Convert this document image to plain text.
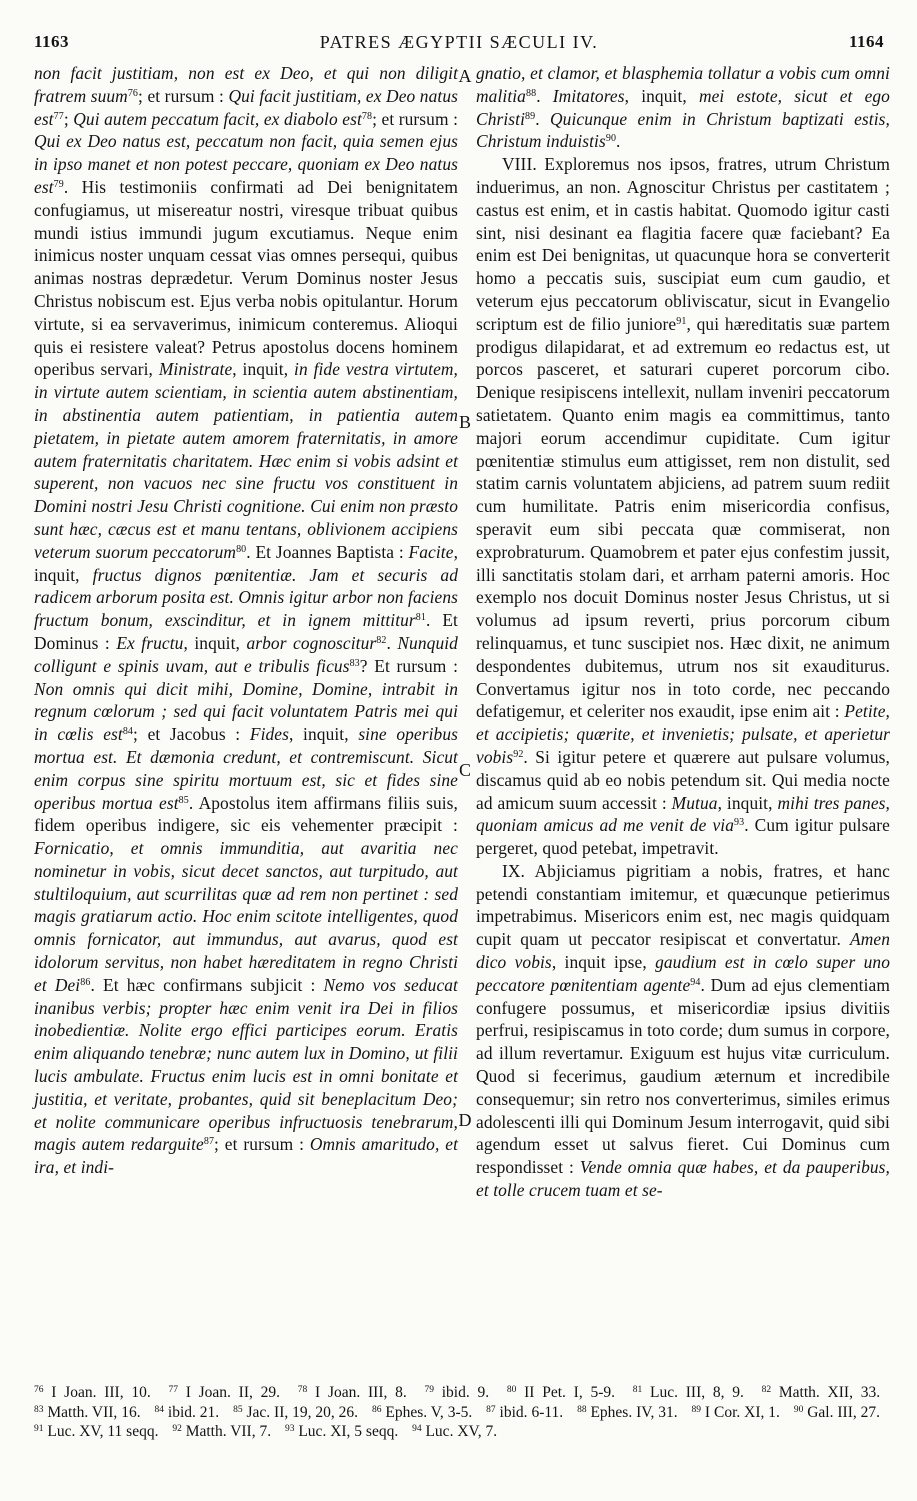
1163	PATRES ÆGYPTII SÆCULI IV.	1164

non facit justitiam, non est ex Deo, et qui non diligit fratrem suum$^{76}$; et rursum : Qui facit justitiam, ex Deo natus est$^{77}$; Qui autem peccatum facit, ex diabolo est$^{78}$; et rursum : Qui ex Deo natus est, peccatum non facit, quia semen ejus in ipso manet et non potest peccare, quoniam ex Deo natus est$^{79}$. His testimoniis confirmati ad Dei benignitatem confugiamus, ut misereatur nostri, viresque tribuat quibus mundi istius immundi jugum excutiamus. Neque enim inimicus noster unquam cessat vias omnes persequi, quibus animas nostras deprædetur. Verum Dominus noster Jesus Christus nobiscum est. Ejus verba nobis opitulantur. Horum virtute, si ea servaverimus, inimicum conteremus. Alioqui quis ei resistere valeat? Petrus apostolus docens hominem operibus servari, Ministrate, inquit, in fide vestra virtutem, in virtute autem scientiam, in scientia autem abstinentiam, in abstinentia autem patientiam, in patientia autem pietatem, in pietate autem amorem fraternitatis, in amore autem fraternitatis charitatem. Hæc enim si vobis adsint et superent, non vacuos nec sine fructu vos constituent in Domini nostri Jesu Christi cognitione. Cui enim non præsto sunt hæc, cæcus est et manu tentans, oblivionem accipiens veterum suorum peccatorum$^{80}$. Et Joannes Baptista : Facite, inquit, fructus dignos pœnitentiæ. Jam et securis ad radicem arborum posita est. Omnis igitur arbor non faciens fructum bonum, exscinditur, et in ignem mittitur$^{81}$. Et Dominus : Ex fructu, inquit, arbor cognoscitur$^{82}$. Nunquid colligunt e spinis uvam, aut e tribulis ficus$^{83}$? Et rursum : Non omnis qui dicit mihi, Domine, Domine, intrabit in regnum cœlorum ; sed qui facit voluntatem Patris mei qui in cœlis est$^{84}$; et Jacobus : Fides, inquit, sine operibus mortua est. Et dæmonia credunt, et contremiscunt. Sicut enim corpus sine spiritu mortuum est, sic et fides sine operibus mortua est$^{85}$. Apostolus item affirmans filiis suis, fidem operibus indigere, sic eis vehementer præcipit : Fornicatio, et omnis immunditia, aut avaritia nec nominetur in vobis, sicut decet sanctos, aut turpitudo, aut stultiloquium, aut scurrilitas quæ ad rem non pertinet : sed magis gratiarum actio. Hoc enim scitote intelligentes, quod omnis fornicator, aut immundus, aut avarus, quod est idolorum servitus, non habet hæreditatem in regno Christi et Dei$^{86}$. Et hæc confirmans subjicit : Nemo vos seducat inanibus verbis; propter hæc enim venit ira Dei in filios inobedientiæ. Nolite ergo effici participes eorum. Eratis enim aliquando tenebræ; nunc autem lux in Domino, ut filii lucis ambulate. Fructus enim lucis est in omni bonitate et justitia, et veritate, probantes, quid sit beneplacitum Deo; et nolite communicare operibus infructuosis tenebrarum, magis autem redarguite$^{87}$; et rursum : Omnis amaritudo, et ira, et indi-

gnatio, et clamor, et blasphemia tollatur a vobis cum omni malitia$^{88}$. Imitatores, inquit, mei estote, sicut et ego Christi$^{89}$. Quicunque enim in Christum baptizati estis, Christum induistis$^{90}$.

VIII. Exploremus nos ipsos, fratres, utrum Christum induerimus, an non. Agnoscitur Christus per castitatem ; castus est enim, et in castis habitat. Quomodo igitur casti sint, nisi desinant ea flagitia facere quæ faciebant? Ea enim est Dei benignitas, ut quacunque hora se converterit homo a peccatis suis, suscipiat eum cum gaudio, et veterum ejus peccatorum obliviscatur, sicut in Evangelio scriptum est de filio juniore$^{91}$, qui hæreditatis suæ partem prodigus dilapidarat, et ad extremum eo redactus est, ut porcos pasceret, et saturari cuperet porcorum cibo. Denique resipiscens intellexit, nullam inveniri peccatorum satietatem. Quanto enim magis ea committimus, tanto majori eorum accendimur cupiditate. Cum igitur pœnitentiæ stimulus eum attigisset, rem non distulit, sed statim carnis voluntatem abjiciens, ad patrem suum rediit cum humilitate. Patris enim misericordia confisus, speravit eum sibi peccata quæ commiserat, non exprobraturum. Quamobrem et pater ejus confestim jussit, illi sanctitatis stolam dari, et arrham paterni amoris. Hoc exemplo nos docuit Dominus noster Jesus Christus, ut si volumus ad ipsum reverti, prius porcorum cibum relinquamus, et tunc suscipiet nos. Hæc dixit, ne animum despondentes dubitemus, utrum nos sit exauditurus. Convertamus igitur nos in toto corde, nec peccando defatigemur, et celeriter nos exaudit, ipse enim ait : Petite, et accipietis; quærite, et invenietis; pulsate, et aperietur vobis$^{92}$. Si igitur petere et quærere aut pulsare volumus, discamus quid ab eo nobis petendum sit. Qui media nocte ad amicum suum accessit : Mutua, inquit, mihi tres panes, quoniam amicus ad me venit de via$^{93}$. Cum igitur pulsare pergeret, quod petebat, impetravit.

IX. Abjiciamus pigritiam a nobis, fratres, et hanc petendi constantiam imitemur, et quæcunque petierimus impetrabimus. Misericors enim est, nec magis quidquam cupit quam ut peccator resipiscat et convertatur. Amen dico vobis, inquit ipse, gaudium est in cœlo super uno peccatore pœnitentiam agente$^{94}$. Dum ad ejus clementiam confugere possumus, et misericordiæ ipsius divitiis perfrui, resipiscamus in toto corde; dum sumus in corpore, ad illum revertamur. Exiguum est hujus vitæ curriculum. Quod si fecerimus, gaudium æternum et incredibile consequemur; sin retro nos converterimus, similes erimus adolescenti illi qui Dominum Jesum interrogavit, quid sibi agendum esset ut salvus fieret. Cui Dominus cum respondisset : Vende omnia quæ habes, et da pauperibus, et tolle crucem tuam et se-

A
B
C
D
$^{76}$ I Joan. III, 10. $^{77}$ I Joan. II, 29. $^{78}$ I Joan. III, 8. $^{79}$ ibid. 9. $^{80}$ II Pet. I, 5-9. $^{81}$ Luc. III, 8, 9. $^{82}$ Matth. XII, 33. $^{83}$ Matth. VII, 16. $^{84}$ ibid. 21. $^{85}$ Jac. II, 19, 20, 26. $^{86}$ Ephes. V, 3-5. $^{87}$ ibid. 6-11. $^{88}$ Ephes. IV, 31. $^{89}$ I Cor. XI, 1. $^{90}$ Gal. III, 27. $^{91}$ Luc. XV, 11 seqq. $^{92}$ Matth. VII, 7. $^{93}$ Luc. XI, 5 seqq. $^{94}$ Luc. XV, 7.
